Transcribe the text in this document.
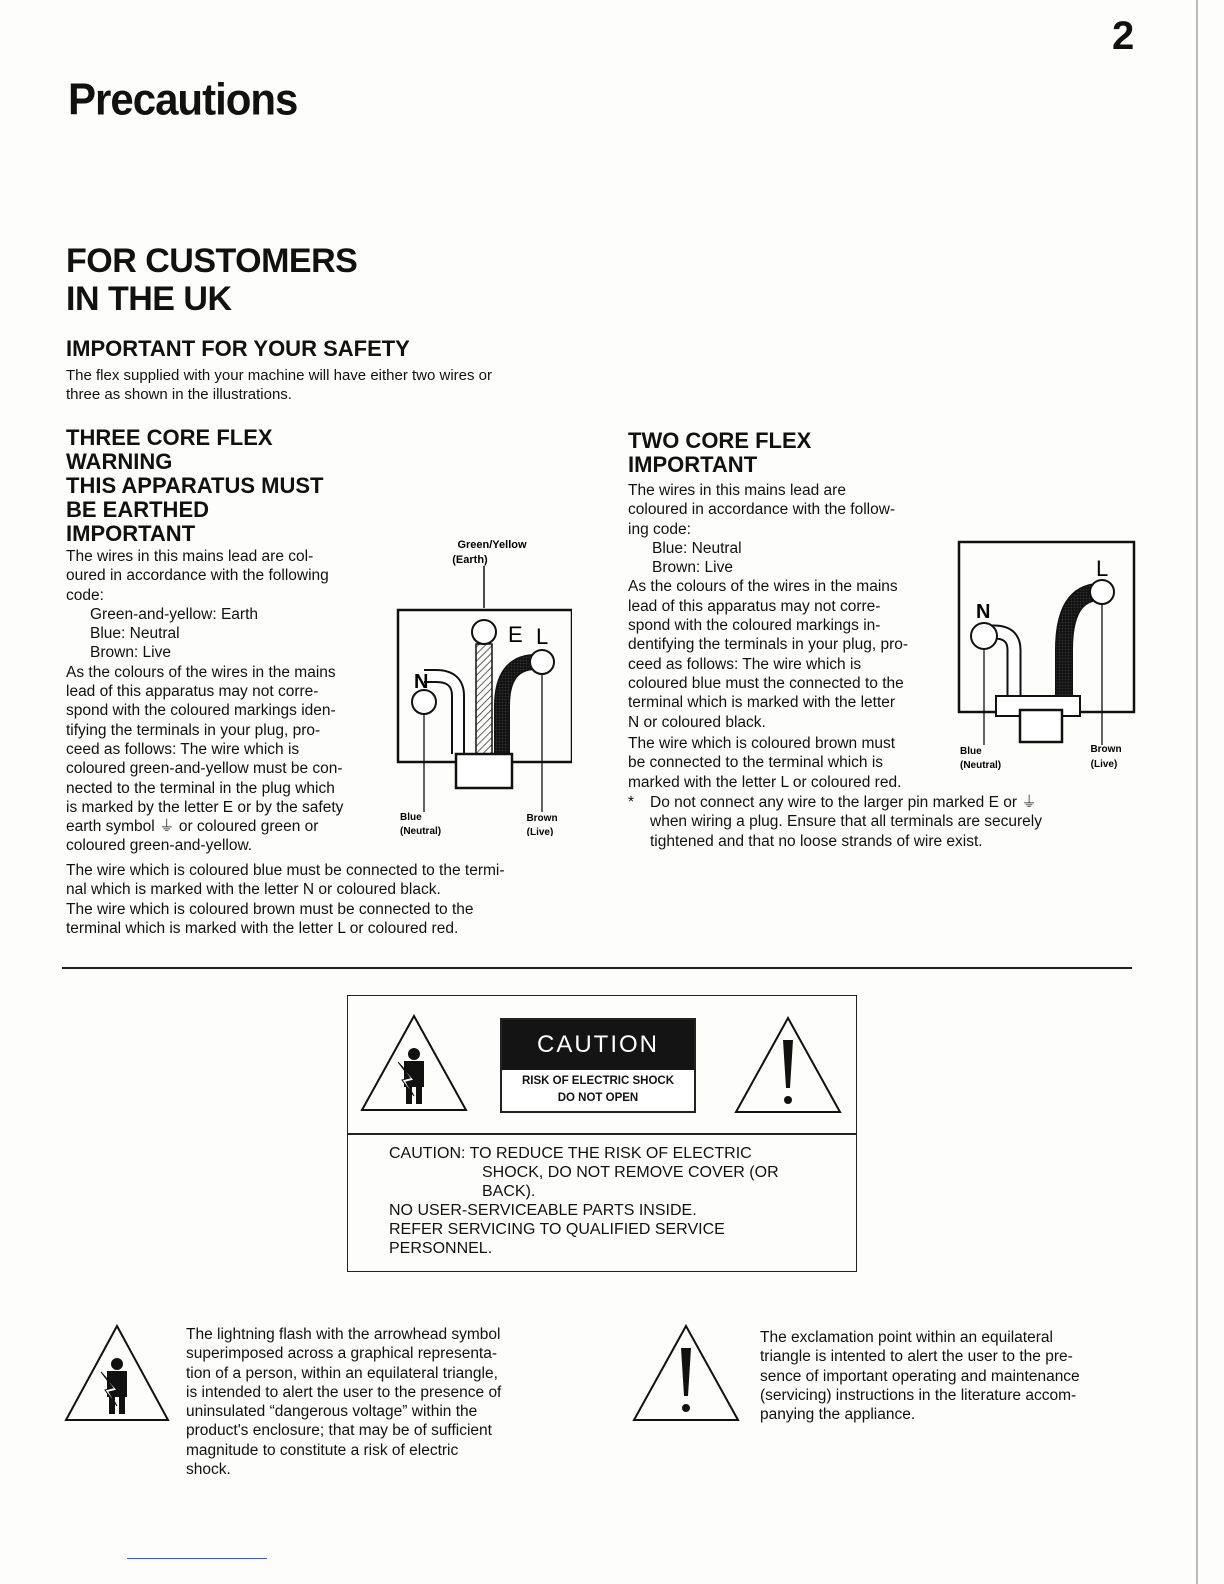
2
Precautions
FOR CUSTOMERS
IN THE UK
IMPORTANT FOR YOUR SAFETY
The flex supplied with your machine will have either two wires or
three as shown in the illustrations.
THREE CORE FLEX
WARNING
THIS APPARATUS MUST
BE EARTHED
IMPORTANT
The wires in this mains lead are col-
oured in accordance with the following
code:
Green-and-yellow: Earth
Blue: Neutral
Brown: Live
As the colours of the wires in the mains
lead of this apparatus may not corre-
spond with the coloured markings iden-
tifying the terminals in your plug, pro-
ceed as follows: The wire which is
coloured green-and-yellow must be con-
nected to the terminal in the plug which
is marked by the letter E or by the safety
earth symbol ⏚ or coloured green or
coloured green-and-yellow.
The wire which is coloured blue must be connected to the termi-
nal which is marked with the letter N or coloured black.
The wire which is coloured brown must be connected to the
terminal which is marked with the letter L or coloured red.
Green/Yellow
(Earth)
E L
N
Blue
(Neutral)
Brown
(Live)
TWO CORE FLEX
IMPORTANT
The wires in this mains lead are
coloured in accordance with the follow-
ing code:
Blue: Neutral
Brown: Live
As the colours of the wires in the mains
lead of this apparatus may not corre-
spond with the coloured markings in-
dentifying the terminals in your plug, pro-
ceed as follows: The wire which is
coloured blue must the connected to the
terminal which is marked with the letter
N or coloured black.
The wire which is coloured brown must
be connected to the terminal which is
marked with the letter L or coloured red.
*	Do not connect any wire to the larger pin marked E or ⏚
when wiring a plug. Ensure that all terminals are securely
tightened and that no loose strands of wire exist.
L
N
Blue
(Neutral)
Brown
(Live)
CAUTION
RISK OF ELECTRIC SHOCK
DO NOT OPEN
CAUTION: TO REDUCE THE RISK OF ELECTRIC
SHOCK, DO NOT REMOVE COVER (OR
BACK).
NO USER-SERVICEABLE PARTS INSIDE.
REFER SERVICING TO QUALIFIED SERVICE
PERSONNEL.
The lightning flash with the arrowhead symbol
superimposed across a graphical representa-
tion of a person, within an equilateral triangle,
is intended to alert the user to the presence of
uninsulated “dangerous voltage” within the
product's enclosure; that may be of sufficient
magnitude to constitute a risk of electric
shock.
The exclamation point within an equilateral
triangle is intented to alert the user to the pre-
sence of important operating and maintenance
(servicing) instructions in the literature accom-
panying the appliance.
